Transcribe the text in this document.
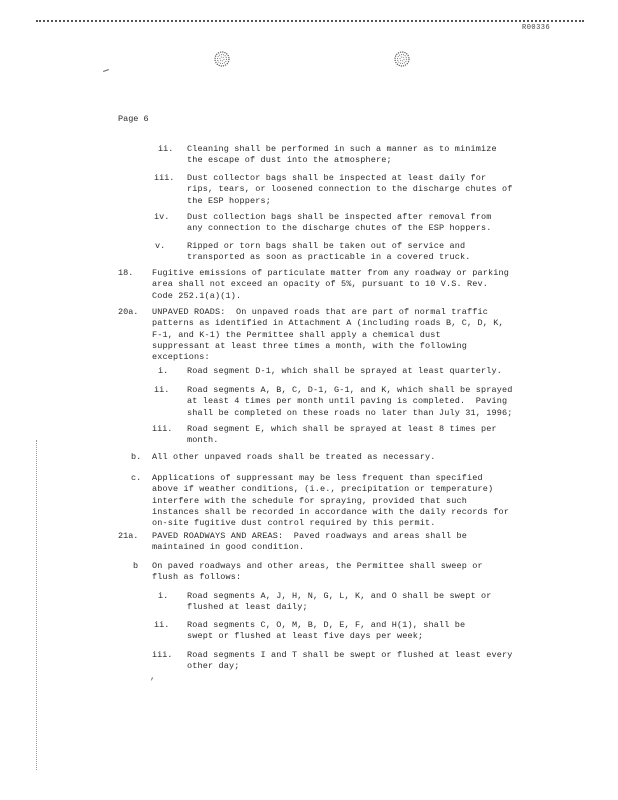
R00336
Page 6
ii. Cleaning shall be performed in such a manner as to minimize
the escape of dust into the atmosphere;
iii. Dust collector bags shall be inspected at least daily for
rips, tears, or loosened connection to the discharge chutes of
the ESP hoppers;
iv. Dust collection bags shall be inspected after removal from
any connection to the discharge chutes of the ESP hoppers.
v.	Ripped or torn bags shall be taken out of service and
transported as soon as practicable in a covered truck.
18. Fugitive emissions of particulate matter from any roadway or parking
area shall not exceed an opacity of 5%, pursuant to 10 V.S. Rev.
Code 252.1(a)(1).
20a. UNPAVED ROADS:  On unpaved roads that are part of normal traffic
patterns as identified in Attachment A (including roads B, C, D, K,
F-1, and K-1) the Permittee shall apply a chemical dust
suppressant at least three times a month, with the following
exceptions:
i. Road segment D-1, which shall be sprayed at least quarterly.
ii. Road segments A, B, C, D-1, G-1, and K, which shall be sprayed
at least 4 times per month until paving is completed.  Paving
shall be completed on these roads no later than July 31, 1996;
iii. Road segment E, which shall be sprayed at least 8 times per
month.
b. All other unpaved roads shall be treated as necessary.
c. Applications of suppressant may be less frequent than specified
above if weather conditions, (i.e., precipitation or temperature)
interfere with the schedule for spraying, provided that such
instances shall be recorded in accordance with the daily records for
on-site fugitive dust control required by this permit.
21a. PAVED ROADWAYS AND AREAS:  Paved roadways and areas shall be
maintained in good condition.
b On paved roadways and other areas, the Permittee shall sweep or
flush as follows:
i. Road segments A, J, H, N, G, L, K, and O shall be swept or
flushed at least daily;
ii. Road segments C, O, M, B, D, E, F, and H(1), shall be
swept or flushed at least five days per week;
iii. Road segments I and T shall be swept or flushed at least every
other day;
,
